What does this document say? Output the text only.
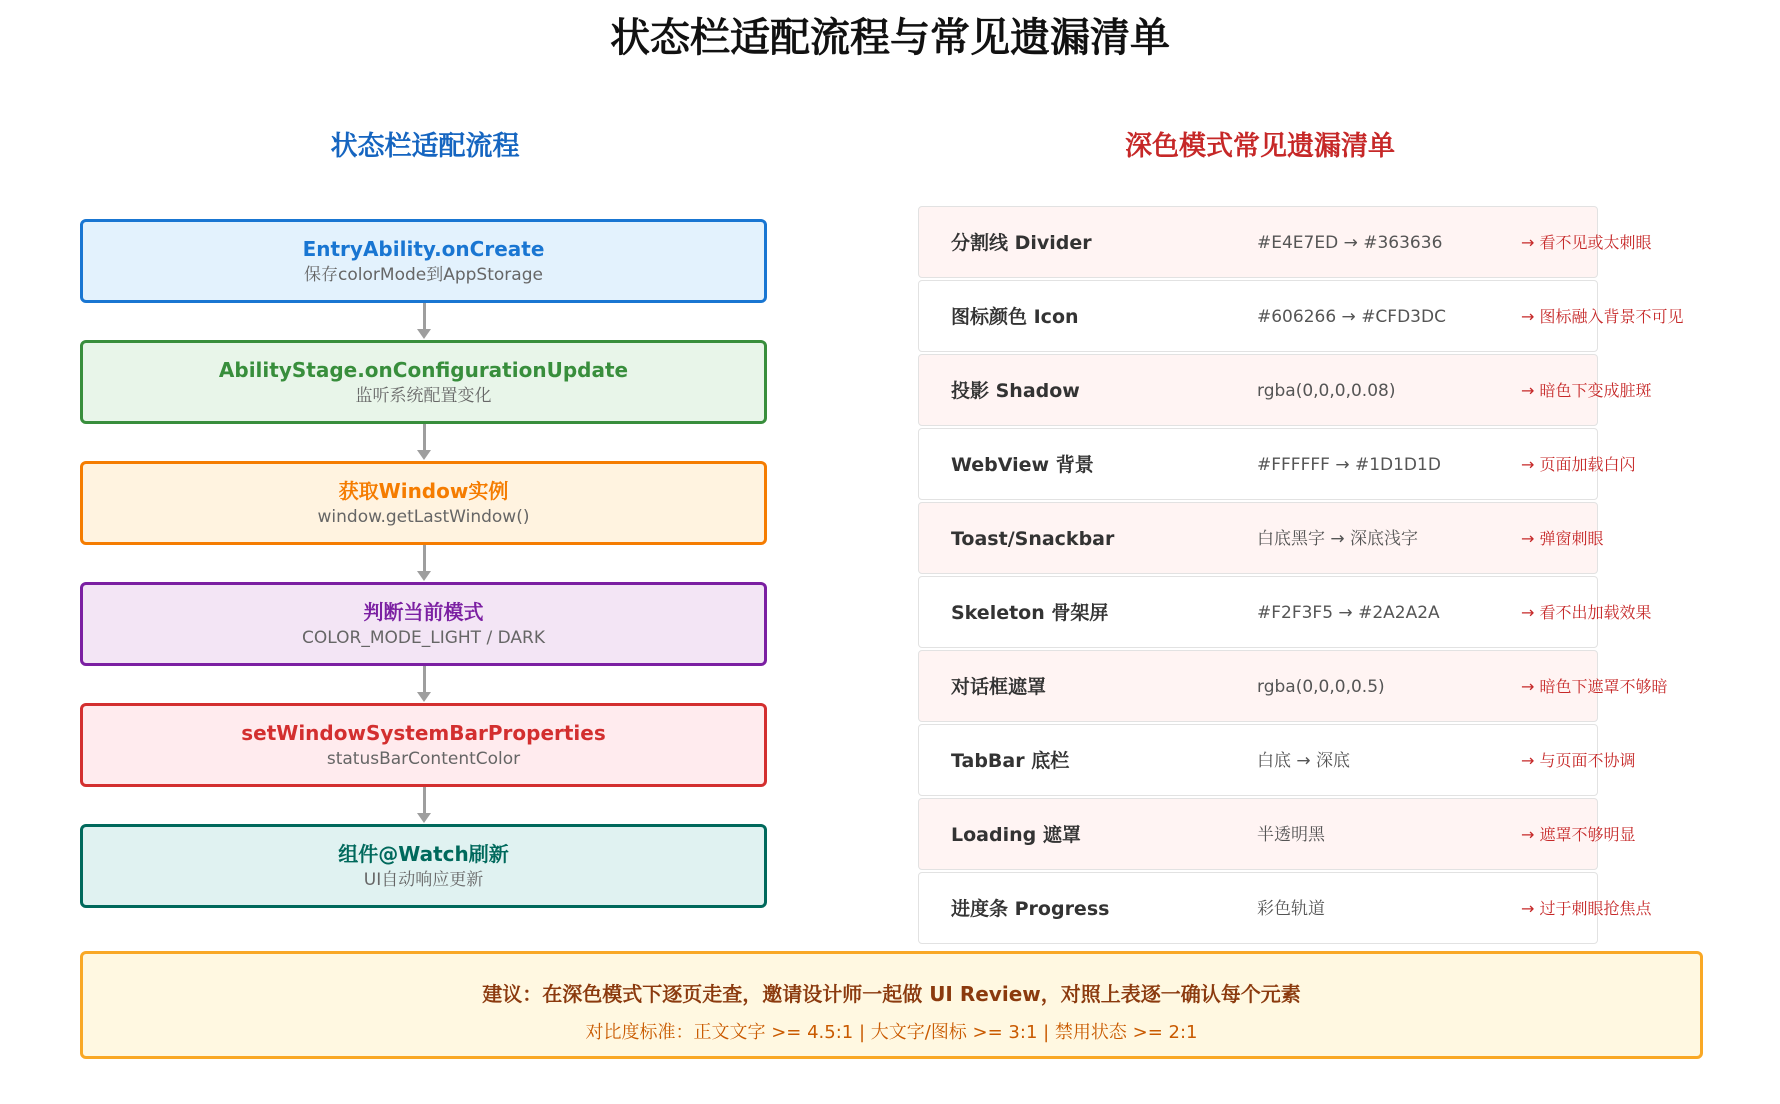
状态栏适配流程与常见遗漏清单
状态栏适配流程	深色模式常见遗漏清单
EntryAbility.onCreate
保存colorMode到AppStorage
AbilityStage.onConfigurationUpdate
监听系统配置变化
获取Window实例
window.getLastWindow()
判断当前模式
COLOR_MODE_LIGHT / DARK
setWindowSystemBarProperties
statusBarContentColor
组件@Watch刷新
UI自动响应更新
分割线 Divider	#E4E7ED → #363636	→ 看不见或太刺眼
图标颜色 Icon	#606266 → #CFD3DC	→ 图标融入背景不可见
投影 Shadow	rgba(0,0,0,0.08)	→ 暗色下变成脏斑
WebView 背景	#FFFFFF → #1D1D1D	→ 页面加载白闪
Toast/Snackbar	白底黑字 → 深底浅字	→ 弹窗刺眼
Skeleton 骨架屏	#F2F3F5 → #2A2A2A	→ 看不出加载效果
对话框遮罩	rgba(0,0,0,0.5)	→ 暗色下遮罩不够暗
TabBar 底栏	白底 → 深底	→ 与页面不协调
Loading 遮罩	半透明黑	→ 遮罩不够明显
进度条 Progress	彩色轨道	→ 过于刺眼抢焦点
建议：在深色模式下逐页走查，邀请设计师一起做 UI Review，对照上表逐一确认每个元素
对比度标准：正文文字 >= 4.5:1 | 大文字/图标 >= 3:1 | 禁用状态 >= 2:1
